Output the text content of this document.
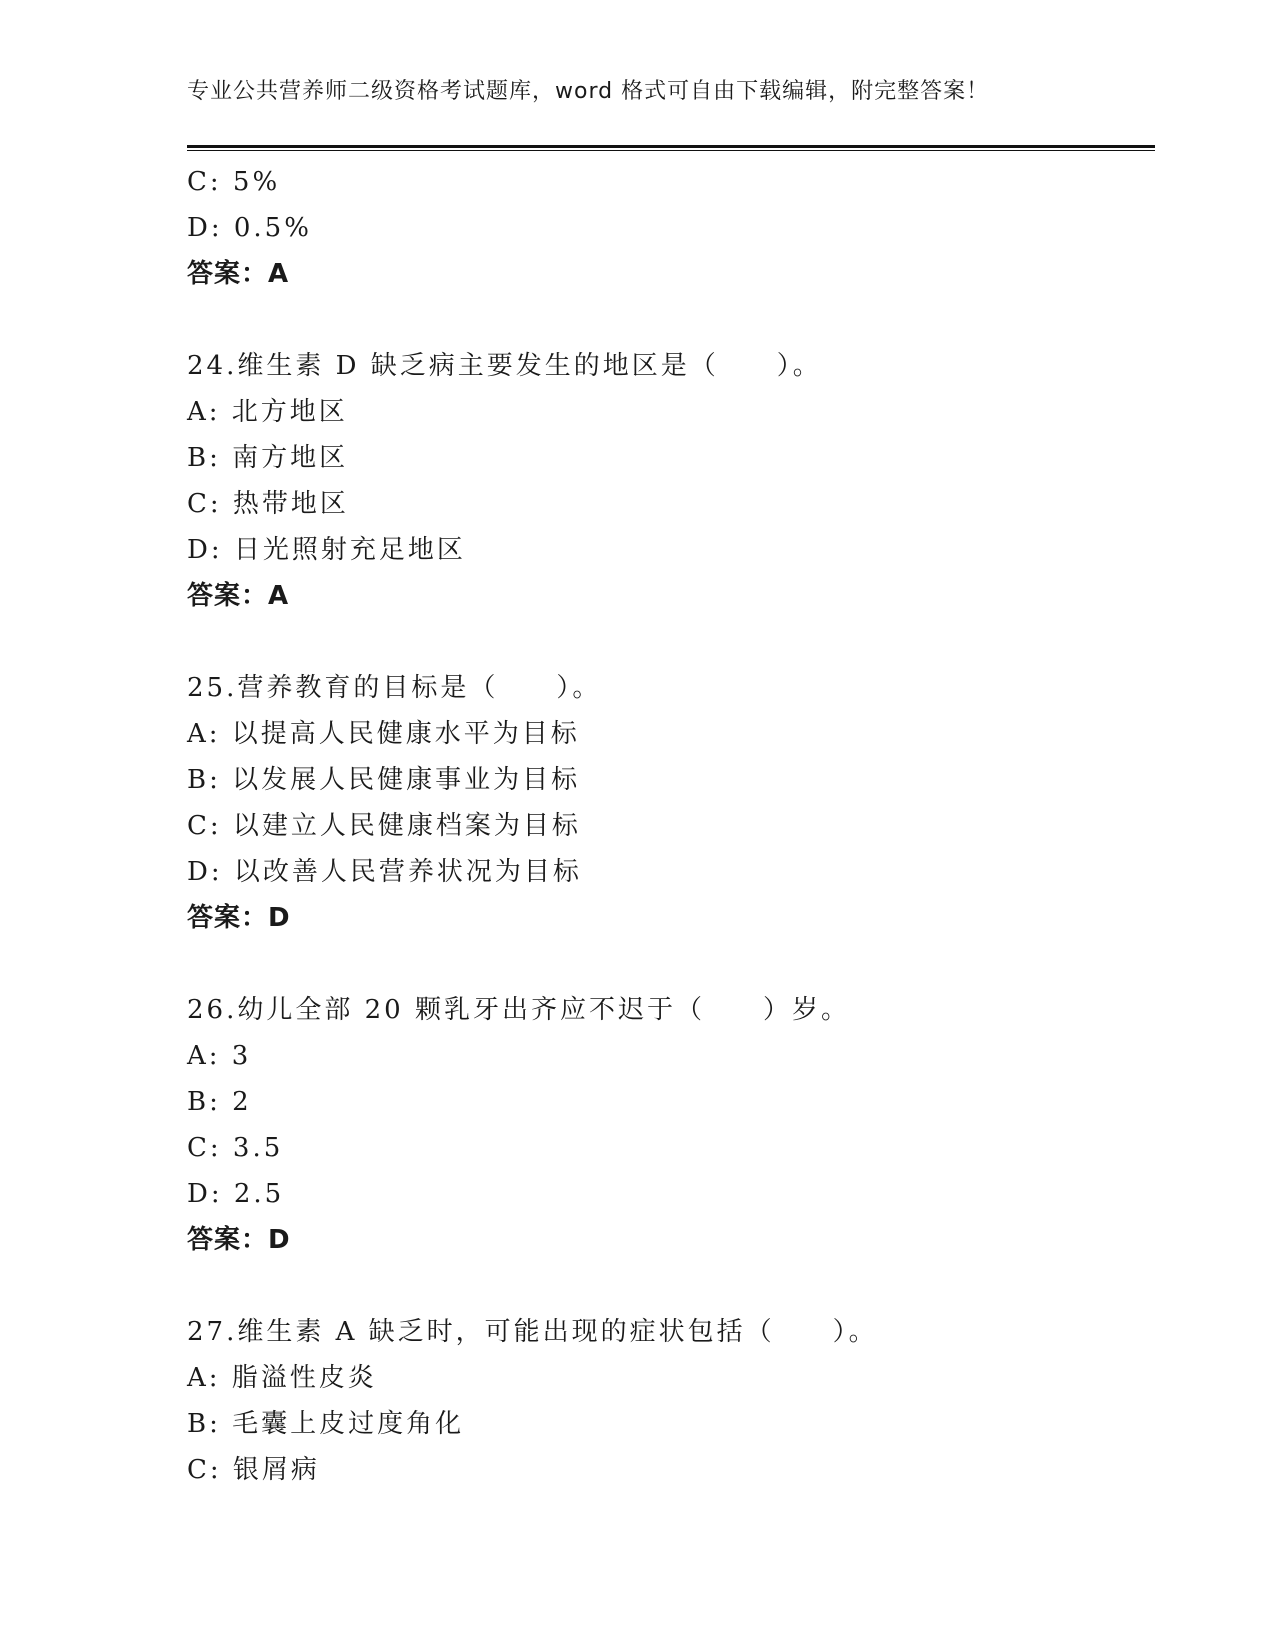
专业公共营养师二级资格考试题库，word 格式可自由下载编辑，附完整答案！
C: 5%
D: 0.5%
答案：A
24.维生素 D 缺乏病主要发生的地区是（　　）。
A: 北方地区
B: 南方地区
C: 热带地区
D: 日光照射充足地区
答案：A
25.营养教育的目标是（　　）。
A: 以提高人民健康水平为目标
B: 以发展人民健康事业为目标
C: 以建立人民健康档案为目标
D: 以改善人民营养状况为目标
答案：D
26.幼儿全部 20 颗乳牙出齐应不迟于（　　）岁。
A: 3
B: 2
C: 3.5
D: 2.5
答案：D
27.维生素 A 缺乏时，可能出现的症状包括（　　）。
A: 脂溢性皮炎
B: 毛囊上皮过度角化
C: 银屑病
